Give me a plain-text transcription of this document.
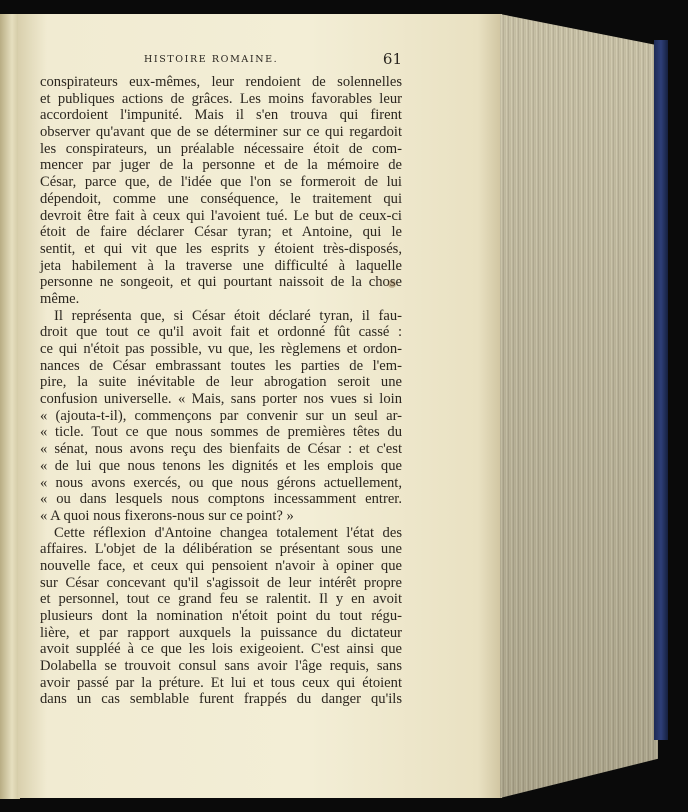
HISTOIRE ROMAINE.	61
conspirateurs eux-mêmes, leur rendoient de solennelles
et publiques actions de grâces. Les moins favorables leur
accordoient l'impunité. Mais il s'en trouva qui firent
observer qu'avant que de se déterminer sur ce qui regardoit
les conspirateurs, un préalable nécessaire étoit de com-
mencer par juger de la personne et de la mémoire de
César, parce que, de l'idée que l'on se formeroit de lui
dépendoit, comme une conséquence, le traitement qui
devroit être fait à ceux qui l'avoient tué. Le but de ceux-ci
étoit de faire déclarer César tyran; et Antoine, qui le
sentit, et qui vit que les esprits y étoient très-disposés,
jeta habilement à la traverse une difficulté à laquelle
personne ne songeoit, et qui pourtant naissoit de la chose
même.
Il représenta que, si César étoit déclaré tyran, il fau-
droit que tout ce qu'il avoit fait et ordonné fût cassé :
ce qui n'étoit pas possible, vu que, les règlemens et ordon-
nances de César embrassant toutes les parties de l'em-
pire, la suite inévitable de leur abrogation seroit une
confusion universelle. « Mais, sans porter nos vues si loin
« (ajouta-t-il), commençons par convenir sur un seul ar-
« ticle. Tout ce que nous sommes de premières têtes du
« sénat, nous avons reçu des bienfaits de César : et c'est
« de lui que nous tenons les dignités et les emplois que
« nous avons exercés, ou que nous gérons actuellement,
« ou dans lesquels nous comptons incessamment entrer.
« A quoi nous fixerons-nous sur ce point? »
Cette réflexion d'Antoine changea totalement l'état des
affaires. L'objet de la délibération se présentant sous une
nouvelle face, et ceux qui pensoient n'avoir à opiner que
sur César concevant qu'il s'agissoit de leur intérêt propre
et personnel, tout ce grand feu se ralentit. Il y en avoit
plusieurs dont la nomination n'étoit point du tout régu-
lière, et par rapport auxquels la puissance du dictateur
avoit suppléé à ce que les lois exigeoient. C'est ainsi que
Dolabella se trouvoit consul sans avoir l'âge requis, sans
avoir passé par la préture. Et lui et tous ceux qui étoient
dans un cas semblable furent frappés du danger qu'ils
